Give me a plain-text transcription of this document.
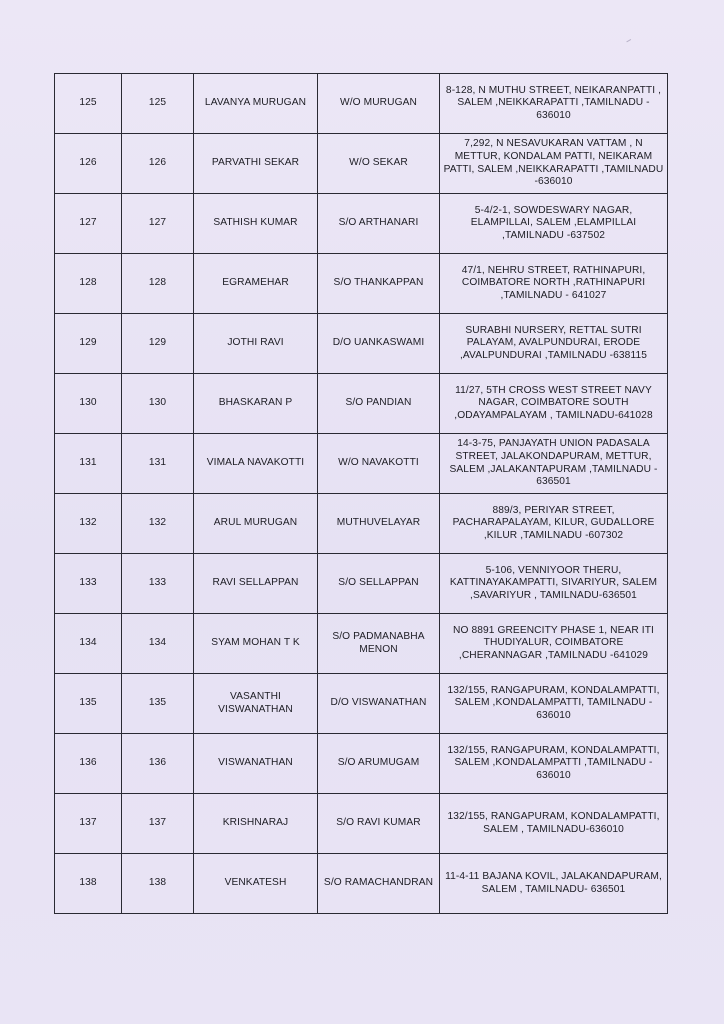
125	125	LAVANYA MURUGAN	W/O MURUGAN	8-128, N MUTHU STREET, NEIKARANPATTI , SALEM ,NEIKKARAPATTI ,TAMILNADU - 636010
126	126	PARVATHI SEKAR	W/O SEKAR	7,292, N NESAVUKARAN VATTAM , N METTUR, KONDALAM PATTI, NEIKARAM PATTI, SALEM ,NEIKKARAPATTI ,TAMILNADU -636010
127	127	SATHISH KUMAR	S/O ARTHANARI	5-4/2-1, SOWDESWARY NAGAR, ELAMPILLAI, SALEM ,ELAMPILLAI ,TAMILNADU -637502
128	128	EGRAMEHAR	S/O THANKAPPAN	47/1, NEHRU STREET, RATHINAPURI, COIMBATORE NORTH ,RATHINAPURI ,TAMILNADU - 641027
129	129	JOTHI RAVI	D/O UANKASWAMI	SURABHI NURSERY, RETTAL SUTRI PALAYAM, AVALPUNDURAI, ERODE ,AVALPUNDURAI ,TAMILNADU -638115
130	130	BHASKARAN P	S/O PANDIAN	11/27, 5TH CROSS WEST STREET NAVY NAGAR, COIMBATORE SOUTH ,ODAYAMPALAYAM , TAMILNADU-641028
131	131	VIMALA NAVAKOTTI	W/O NAVAKOTTI	14-3-75, PANJAYATH UNION PADASALA STREET, JALAKONDAPURAM, METTUR, SALEM ,JALAKANTAPURAM ,TAMILNADU - 636501
132	132	ARUL MURUGAN	MUTHUVELAYAR	889/3, PERIYAR STREET, PACHARAPALAYAM, KILUR, GUDALLORE ,KILUR ,TAMILNADU -607302
133	133	RAVI SELLAPPAN	S/O SELLAPPAN	5-106, VENNIYOOR THERU, KATTINAYAKAMPATTI, SIVARIYUR, SALEM ,SAVARIYUR , TAMILNADU-636501
134	134	SYAM MOHAN T K	S/O PADMANABHA MENON	NO 8891 GREENCITY PHASE 1, NEAR ITI THUDIYALUR, COIMBATORE ,CHERANNAGAR ,TAMILNADU -641029
135	135	VASANTHI VISWANATHAN	D/O VISWANATHAN	132/155, RANGAPURAM, KONDALAMPATTI, SALEM ,KONDALAMPATTI, TAMILNADU - 636010
136	136	VISWANATHAN	S/O ARUMUGAM	132/155, RANGAPURAM, KONDALAMPATTI, SALEM ,KONDALAMPATTI ,TAMILNADU - 636010
137	137	KRISHNARAJ	S/O RAVI KUMAR	132/155, RANGAPURAM, KONDALAMPATTI, SALEM , TAMILNADU-636010
138	138	VENKATESH	S/O RAMACHANDRAN	11-4-11 BAJANA KOVIL, JALAKANDAPURAM, SALEM , TAMILNADU- 636501
